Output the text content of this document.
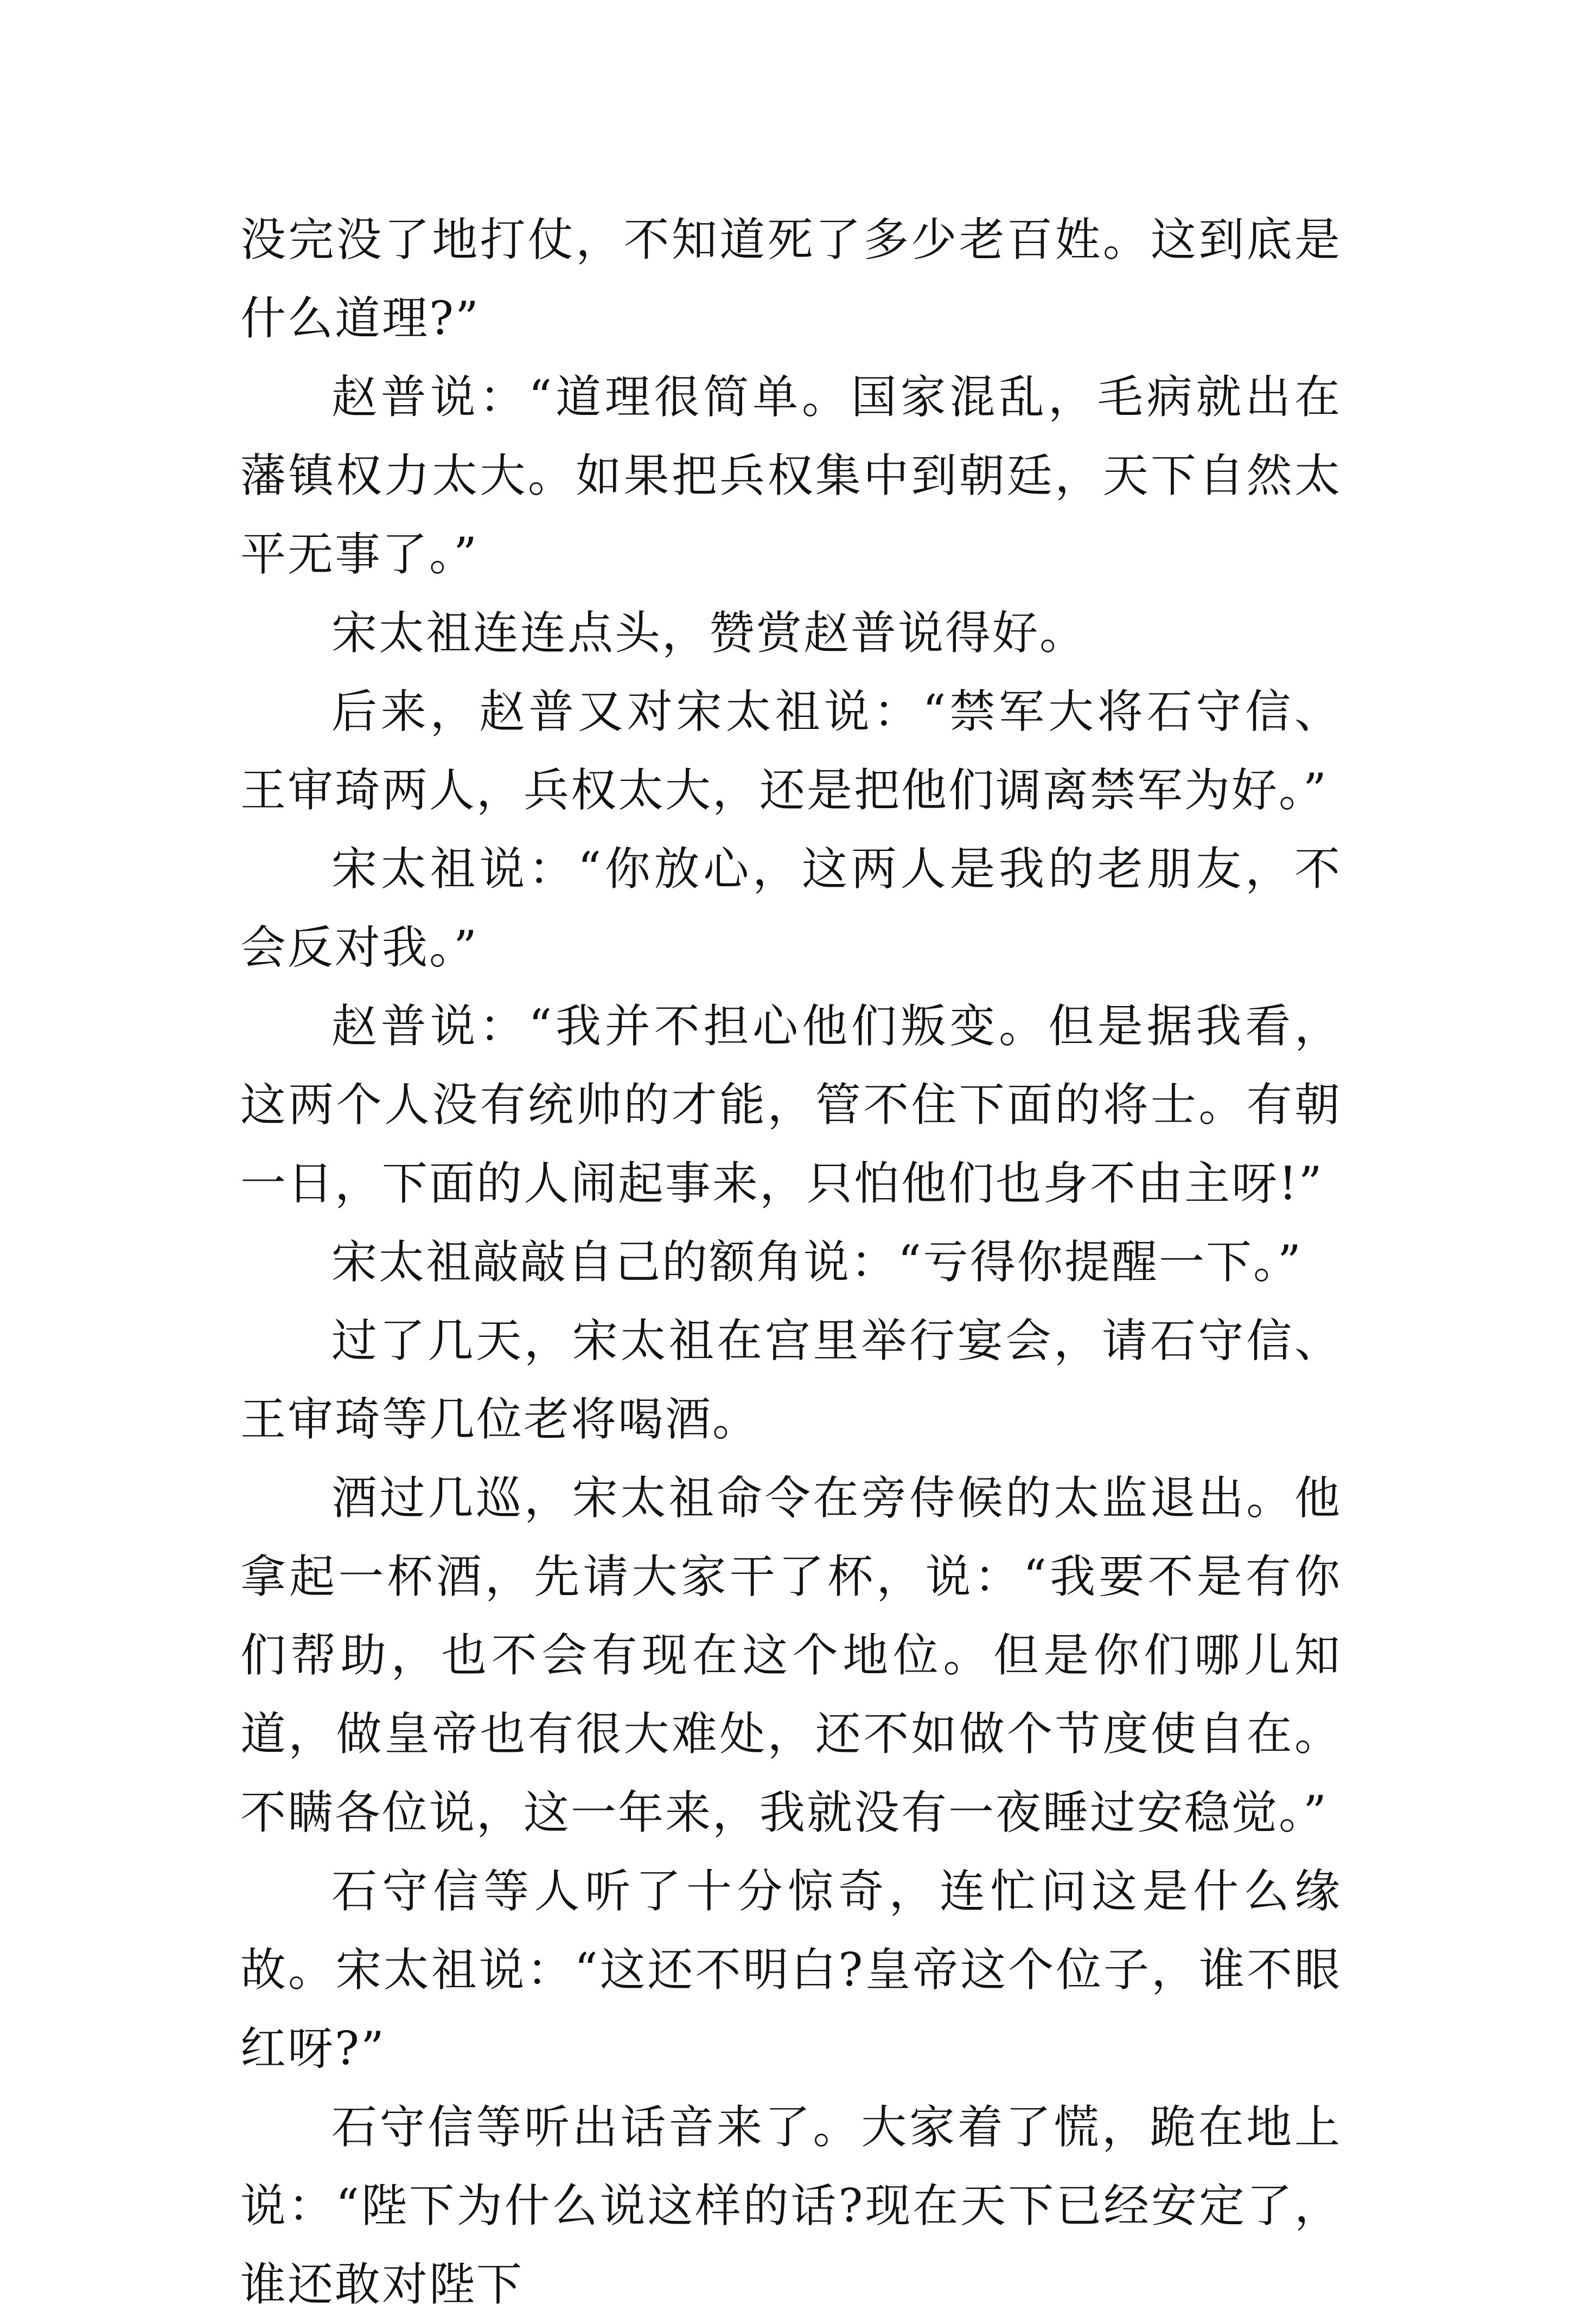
没完没了地打仗，不知道死了多少老百姓。这到底是什么道理?”

赵普说：“道理很简单。国家混乱，毛病就出在藩镇权力太大。如果把兵权集中到朝廷，天下自然太平无事了。”

宋太祖连连点头，赞赏赵普说得好。

后来，赵普又对宋太祖说：“禁军大将石守信、王审琦两人，兵权太大，还是把他们调离禁军为好。”

宋太祖说：“你放心，这两人是我的老朋友，不会反对我。”

赵普说：“我并不担心他们叛变。但是据我看，这两个人没有统帅的才能，管不住下面的将士。有朝一日，下面的人闹起事来，只怕他们也身不由主呀!”

宋太祖敲敲自己的额角说：“亏得你提醒一下。”

过了几天，宋太祖在宫里举行宴会，请石守信、王审琦等几位老将喝酒。

酒过几巡，宋太祖命令在旁侍候的太监退出。他拿起一杯酒，先请大家干了杯，说：“我要不是有你们帮助，也不会有现在这个地位。但是你们哪儿知道，做皇帝也有很大难处，还不如做个节度使自在。不瞒各位说，这一年来，我就没有一夜睡过安稳觉。”

石守信等人听了十分惊奇，连忙问这是什么缘故。宋太祖说：“这还不明白?皇帝这个位子，谁不眼红呀?”

石守信等听出话音来了。大家着了慌，跪在地上说：“陛下为什么说这样的话?现在天下已经安定了，谁还敢对陛下
